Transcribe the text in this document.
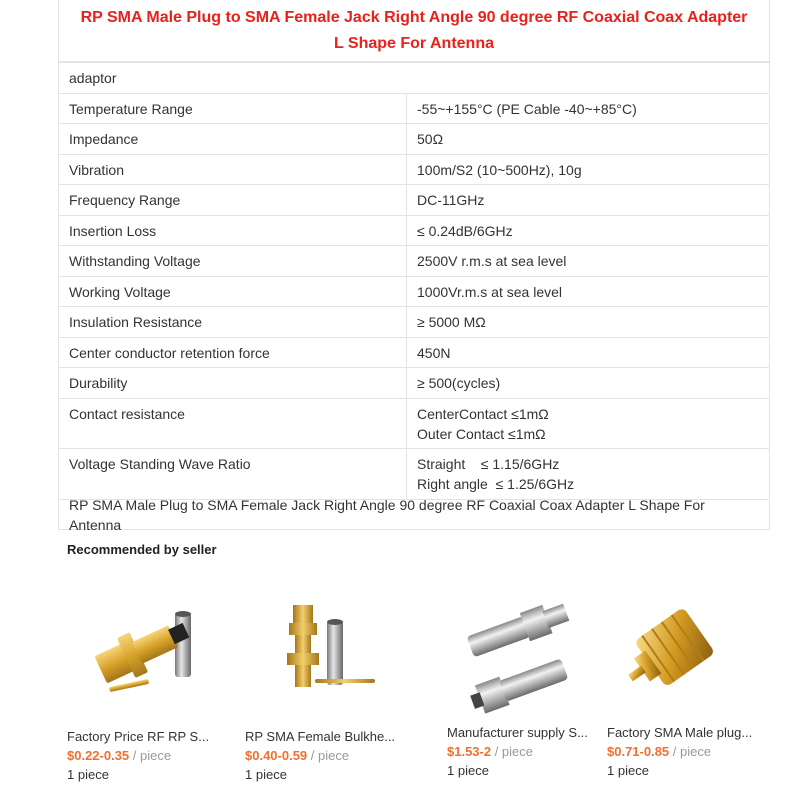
RP SMA Male Plug to SMA Female Jack Right Angle 90 degree RF Coaxial Coax Adapter L Shape For Antenna
adaptor
Temperature Range	-55~+155°C (PE Cable -40~+85°C)
Impedance	50Ω
Vibration	100m/S2 (10~500Hz), 10g
Frequency Range	DC-11GHz
Insertion Loss	≤ 0.24dB/6GHz
Withstanding Voltage	2500V r.m.s at sea level
Working Voltage	1000Vr.m.s at sea level
Insulation Resistance	≥ 5000 MΩ
Center conductor retention force	450N
Durability	≥ 500(cycles)
Contact resistance	CenterContact ≤1mΩ
Outer Contact ≤1mΩ
Voltage Standing Wave Ratio	Straight    ≤ 1.15/6GHz
Right angle  ≤ 1.25/6GHz
RP SMA Male Plug to SMA Female Jack Right Angle 90 degree RF Coaxial Coax Adapter L Shape For Antenna
Recommended by seller
Factory Price RF RP S...
$0.22-0.35 / piece
1 piece
RP SMA Female Bulkhe...
$0.40-0.59 / piece
1 piece
Manufacturer supply S...
$1.53-2 / piece
1 piece
Factory SMA Male plug...
$0.71-0.85 / piece
1 piece
